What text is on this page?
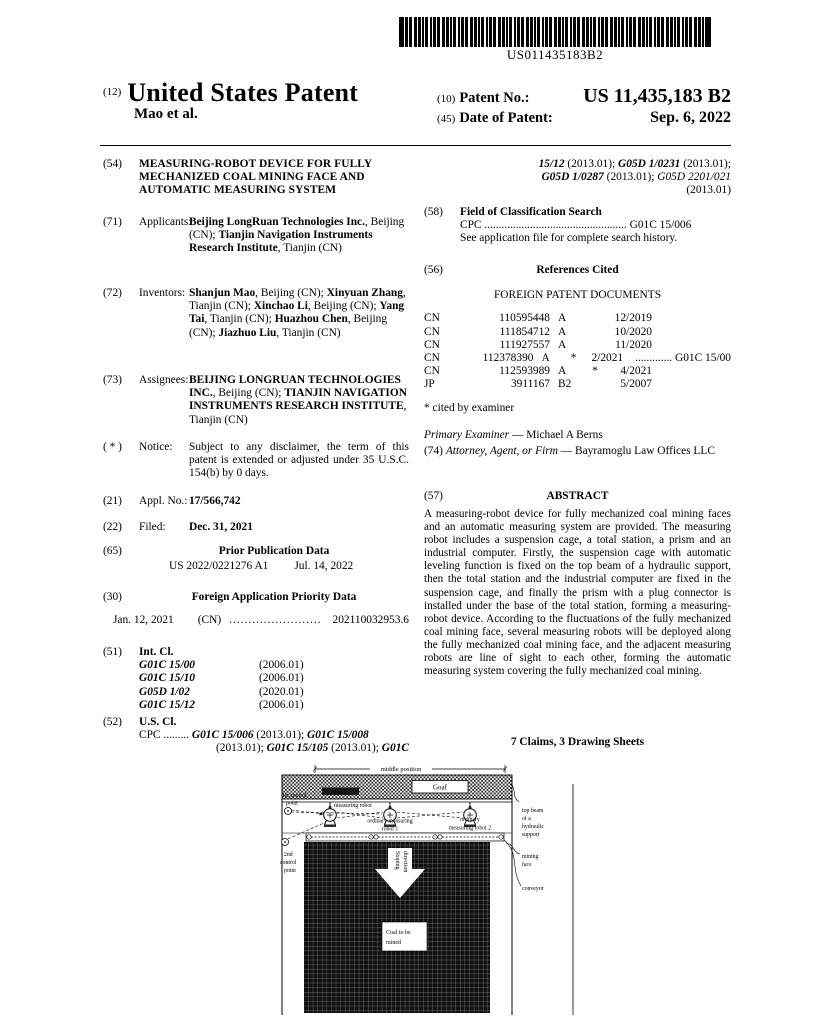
US011435183B2
(12) United States Patent
Mao et al.
(10) Patent No.:	US 11,435,183 B2
(45) Date of Patent:	Sep. 6, 2022
(54)	MEASURING-ROBOT DEVICE FOR FULLY MECHANIZED COAL MINING FACE AND AUTOMATIC MEASURING SYSTEM
(71)	Applicants:
Beijing LongRuan Technologies Inc., Beijing (CN); Tianjin Navigation Instruments Research Institute, Tianjin (CN)
(72)	Inventors: Shanjun Mao, Beijing (CN); Xinyuan Zhang, Tianjin (CN); Xinchao Li, Beijing (CN); Yang Tai, Tianjin (CN); Huazhou Chen, Beijing (CN); Jiazhuo Liu, Tianjin (CN)
(73)	Assignees: BEIJING LONGRUAN TECHNOLOGIES INC., Beijing (CN); TIANJIN NAVIGATION INSTRUMENTS RESEARCH INSTITUTE, Tianjin (CN)
( * )	Notice:	Subject to any disclaimer, the term of this patent is extended or adjusted under 35 U.S.C. 154(b) by 0 days.
(21)	Appl. No.: 17/566,742
(22)	Filed:	Dec. 31, 2021
(65)	Prior Publication Data
US 2022/0221276 A1 Jul. 14, 2022
(30)	Foreign Application Priority Data
Jan. 12, 2021 (CN) ........................ 202110032953.6
(51)	Int. Cl.
G01C 15/00	(2006.01)
G01C 15/10	(2006.01)
G05D 1/02	(2020.01)
G01C 15/12	(2006.01)
(52)	U.S. Cl.
CPC ......... G01C 15/006 (2013.01); G01C 15/008
(2013.01); G01C 15/105 (2013.01); G01C
15/12 (2013.01); G05D 1/0231 (2013.01);
G05D 1/0287 (2013.01); G05D 2201/021
(2013.01)
(58)	Field of Classification Search
CPC .................................................. G01C 15/006
See application file for complete search history.
(56)	References Cited
FOREIGN PATENT DOCUMENTS
CN	110595448 A	12/2019
CN	111854712 A	10/2020
CN	111927557 A	11/2020
CN	112378390 A	*	2/2021	............. G01C 15/00
CN	112593989 A	*	4/2021
JP	3911167 B2	5/2007
* cited by examiner
Primary Examiner — Michael A Berns
(74) Attorney, Agent, or Firm — Bayramoglu Law Offices LLC
(57)	ABSTRACT
A measuring-robot device for fully mechanized coal mining faces and an automatic measuring system are provided. The measuring robot includes a suspension cage, a total station, a prism and an industrial computer. Firstly, the suspension cage with automatic leveling function is fixed on the top beam of a hydraulic support, then the total station and the industrial computer are fixed in the suspension cage, and finally the prism with a plug connector is installed under the base of the total station, forming a measuring-robot device. According to the fluctuations of the fully mechanized coal mining face, several measuring robots will be deployed along the fully mechanized coal mining face, and the adjacent measuring robots are line of sight to each other, forming the automatic measuring system covering the fully mechanized coal mining.
7 Claims, 3 Drawing Sheets
middle position
Goaf
shearer
measuring robot
1st control
point
2nd
control
point
ordinary measuring
robot 1
ordinary
measuring robot 2
Stoping direction
Coal to be
mined
top beam
of a
hydraulic
support
mining
face
conveyor
